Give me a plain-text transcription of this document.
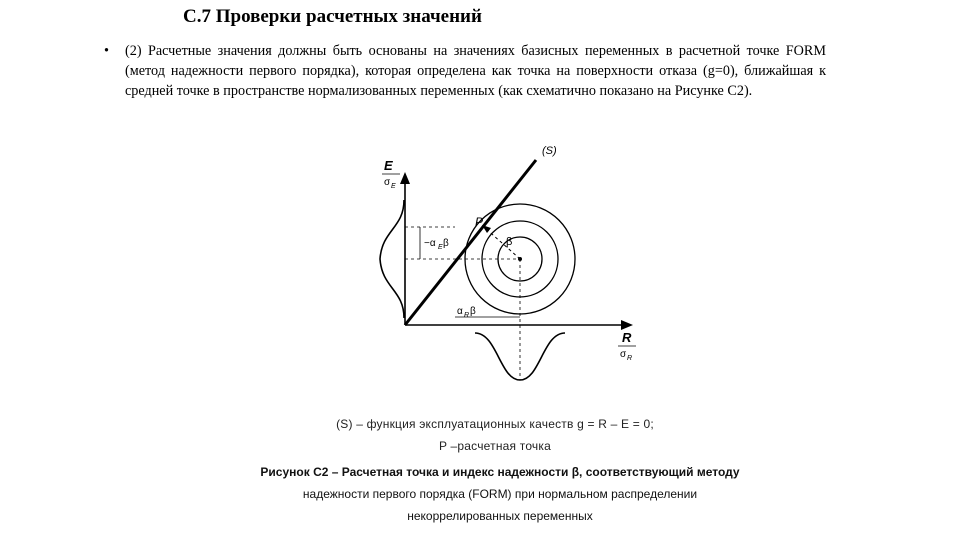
С.7 Проверки расчетных значений
•	(2) Расчетные значения должны быть основаны на значениях базисных переменных в расчетной точке FORM (метод надежности первого порядка), которая определена как точка на поверхности отказа (g=0), ближайшая к средней точке в пространстве нормализованных переменных (как схематично показано на Рисунке С2).
(S)
P
β
E
σ E
R
σ R
−α E β
α R β
(S) – функция эксплуатационных качеств g = R – E = 0;
P –расчетная точка
Рисунок С2 – Расчетная точка и индекс надежности β, соответствующий методу
надежности первого порядка (FORM) при нормальном распределении
некоррелированных переменных
